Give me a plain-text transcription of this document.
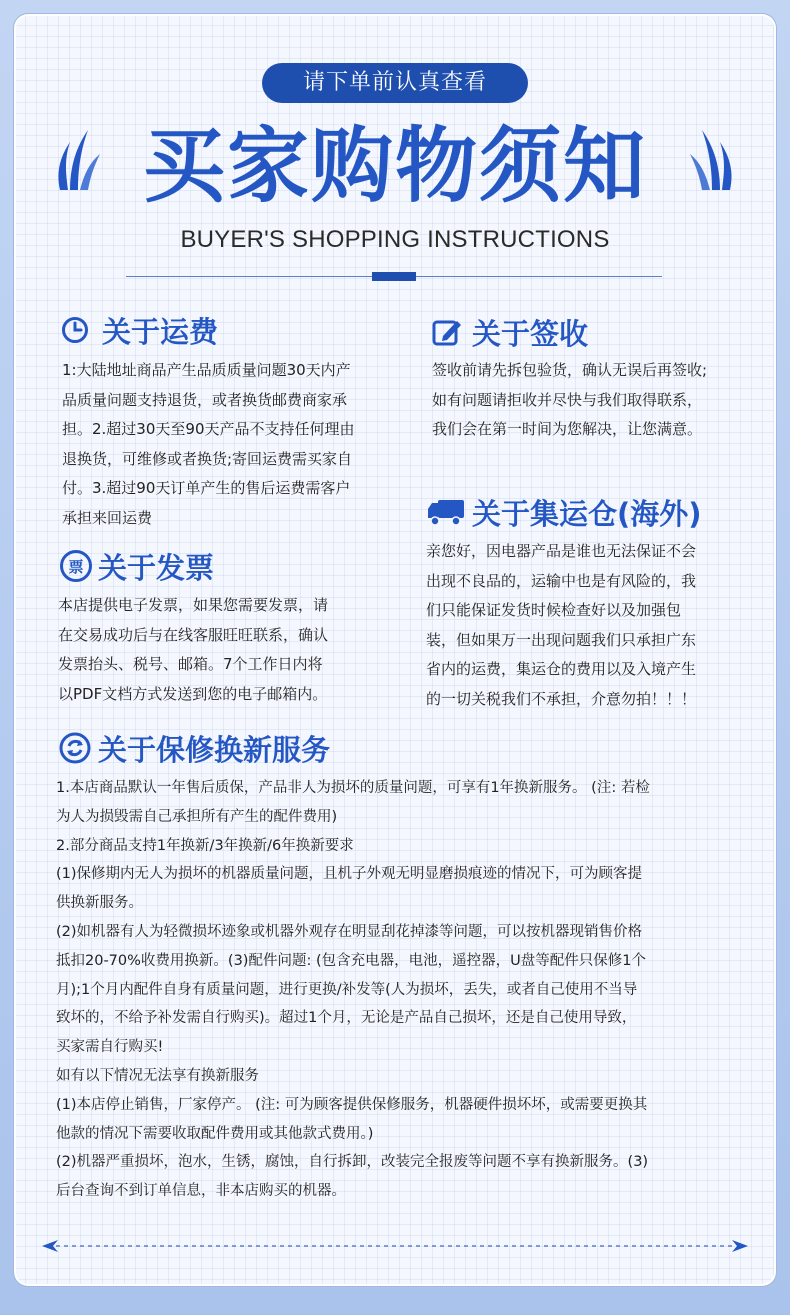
请下单前认真查看
买家购物须知
BUYER'S SHOPPING INSTRUCTIONS
关于运费

1:大陆地址商品产生品质质量问题30天内产

品质量问题支持退货，或者换货邮费商家承

担。2.超过30天至90天产品不支持任何理由

退换货，可维修或者换货;寄回运费需买家自

付。3.超过90天订单产生的售后运费需客户

承担来回运费

关于签收

签收前请先拆包验货，确认无误后再签收;

如有问题请拒收并尽快与我们取得联系，

我们会在第一时间为您解决，让您满意。

关于集运仓(海外)

亲您好，因电器产品是谁也无法保证不会

出现不良品的，运输中也是有风险的，我

们只能保证发货时候检查好以及加强包

装，但如果万一出现问题我们只承担广东

省内的运费，集运仓的费用以及入境产生

的一切关税我们不承担，介意勿拍！！！

票 关于发票

本店提供电子发票，如果您需要发票，请

在交易成功后与在线客服旺旺联系，确认

发票抬头、税号、邮箱。7个工作日内将

以PDF文档方式发送到您的电子邮箱内。

关于保修换新服务

1.本店商品默认一年售后质保，产品非人为损坏的质量问题，可享有1年换新服务。 (注: 若检

为人为损毁需自己承担所有产生的配件费用)

2.部分商品支持1年换新/3年换新/6年换新要求

(1)保修期内无人为损坏的机器质量问题，且机子外观无明显磨损痕迹的情况下，可为顾客提

供换新服务。

(2)如机器有人为轻微损坏迹象或机器外观存在明显刮花掉漆等问题，可以按机器现销售价格

抵扣20-70%收费用换新。(3)配件问题: (包含充电器，电池，遥控器，U盘等配件只保修1个

月);1个月内配件自身有质量问题，进行更换/补发等(人为损坏，丢失，或者自己使用不当导

致坏的，不给予补发需自行购买)。超过1个月，无论是产品自己损坏，还是自己使用导致，

买家需自行购买!

如有以下情况无法享有换新服务

(1)本店停止销售，厂家停产。 (注: 可为顾客提供保修服务，机器硬件损坏坏，或需要更换其

他款的情况下需要收取配件费用或其他款式费用。)

(2)机器严重损坏，泡水，生锈，腐蚀，自行拆卸，改装完全报废等问题不享有换新服务。(3)

后台查询不到订单信息，非本店购买的机器。
